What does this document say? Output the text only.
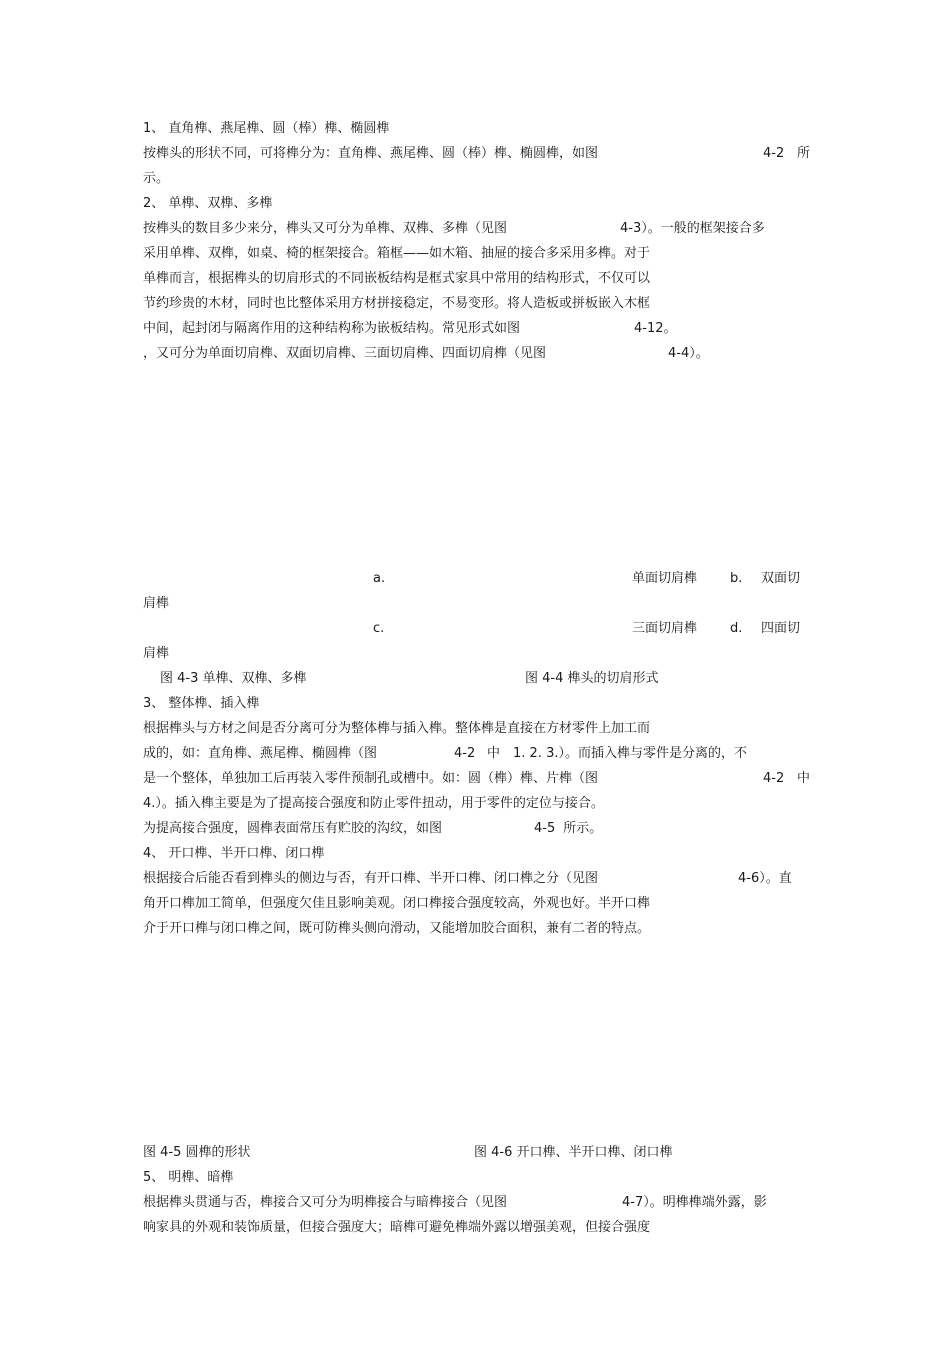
1、 直角榫、燕尾榫、圆（棒）榫、椭圆榫
按榫头的形状不同，可将榫分为：直角榫、燕尾榫、圆（棒）榫、椭圆榫，如图	4-2 所
示。
2、 单榫、双榫、多榫
按榫头的数目多少来分，榫头又可分为单榫、双榫、多榫（见图	4-3）。一般的框架接合多
采用单榫、双榫，如桌、椅的框架接合。箱框——如木箱、抽屉的接合多采用多榫。对于
单榫而言，根据榫头的切肩形式的不同嵌板结构是框式家具中常用的结构形式，不仅可以
节约珍贵的木材，同时也比整体采用方材拼接稳定，不易变形。将人造板或拼板嵌入木框
中间，起封闭与隔离作用的这种结构称为嵌板结构。常见形式如图	4-12。
，又可分为单面切肩榫、双面切肩榫、三面切肩榫、四面切肩榫（见图	4-4）。
a.	单面切肩榫	b. 双面切
肩榫
c.	三面切肩榫	d. 四面切
肩榫
图 4-3 单榫、双榫、多榫	图 4-4 榫头的切肩形式
3、 整体榫、插入榫
根据榫头与方材之间是否分离可分为整体榫与插入榫。整体榫是直接在方材零件上加工而
成的，如：直角榫、燕尾榫、椭圆榫（图	4-2 中 1. 2. 3.）。而插入榫与零件是分离的，不
是一个整体，单独加工后再装入零件预制孔或槽中。如：圆（榫）榫、片榫（图	4-2 中
4.）。插入榫主要是为了提高接合强度和防止零件扭动，用于零件的定位与接合。
为提高接合强度，圆榫表面常压有贮胶的沟纹，如图	4-5 所示。
4、 开口榫、半开口榫、闭口榫
根据接合后能否看到榫头的侧边与否，有开口榫、半开口榫、闭口榫之分（见图	4-6）。直
角开口榫加工简单，但强度欠佳且影响美观。闭口榫接合强度较高，外观也好。半开口榫
介于开口榫与闭口榫之间，既可防榫头侧向滑动，又能增加胶合面积，兼有二者的特点。
图 4-5 圆榫的形状	图 4-6 开口榫、半开口榫、闭口榫
5、 明榫、暗榫
根据榫头贯通与否，榫接合又可分为明榫接合与暗榫接合（见图	4-7）。明榫榫端外露，影
响家具的外观和装饰质量，但接合强度大；暗榫可避免榫端外露以增强美观，但接合强度
